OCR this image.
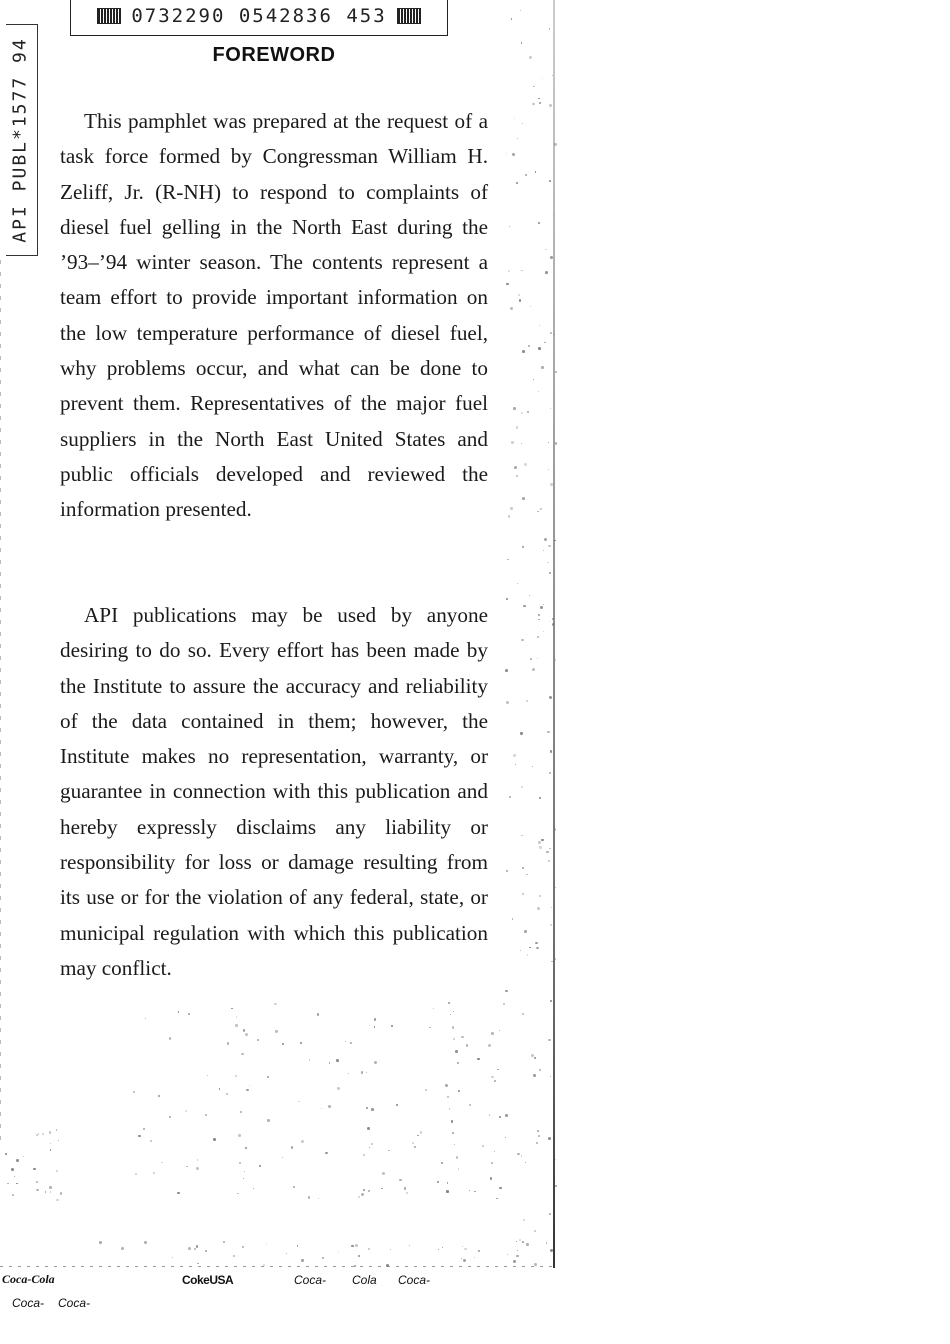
0732290 0542836 453
API PUBL*1577 94	FOREWORD

This pamphlet was prepared at the request of a task force formed by Congressman William H. Zeliff, Jr. (R-NH) to respond to complaints of diesel fuel gelling in the North East during the ’93–’94 winter season. The contents represent a team effort to provide important information on the low temperature performance of diesel fuel, why problems occur, and what can be done to prevent them. Representatives of the major fuel suppliers in the North East United States and public officials developed and reviewed the information presented.

API publications may be used by anyone desiring to do so. Every effort has been made by the Institute to assure the accuracy and reliability of the data contained in them; however, the Institute makes no representation, warranty, or guarantee in connection with this publication and hereby expressly disclaims any liability or responsibility for loss or damage resulting from its use or for the violation of any federal, state, or municipal regulation with which this publication may conflict.

Coca-Cola	CokeUSA	Coca- Cola Coca-
Coca- Coca-
